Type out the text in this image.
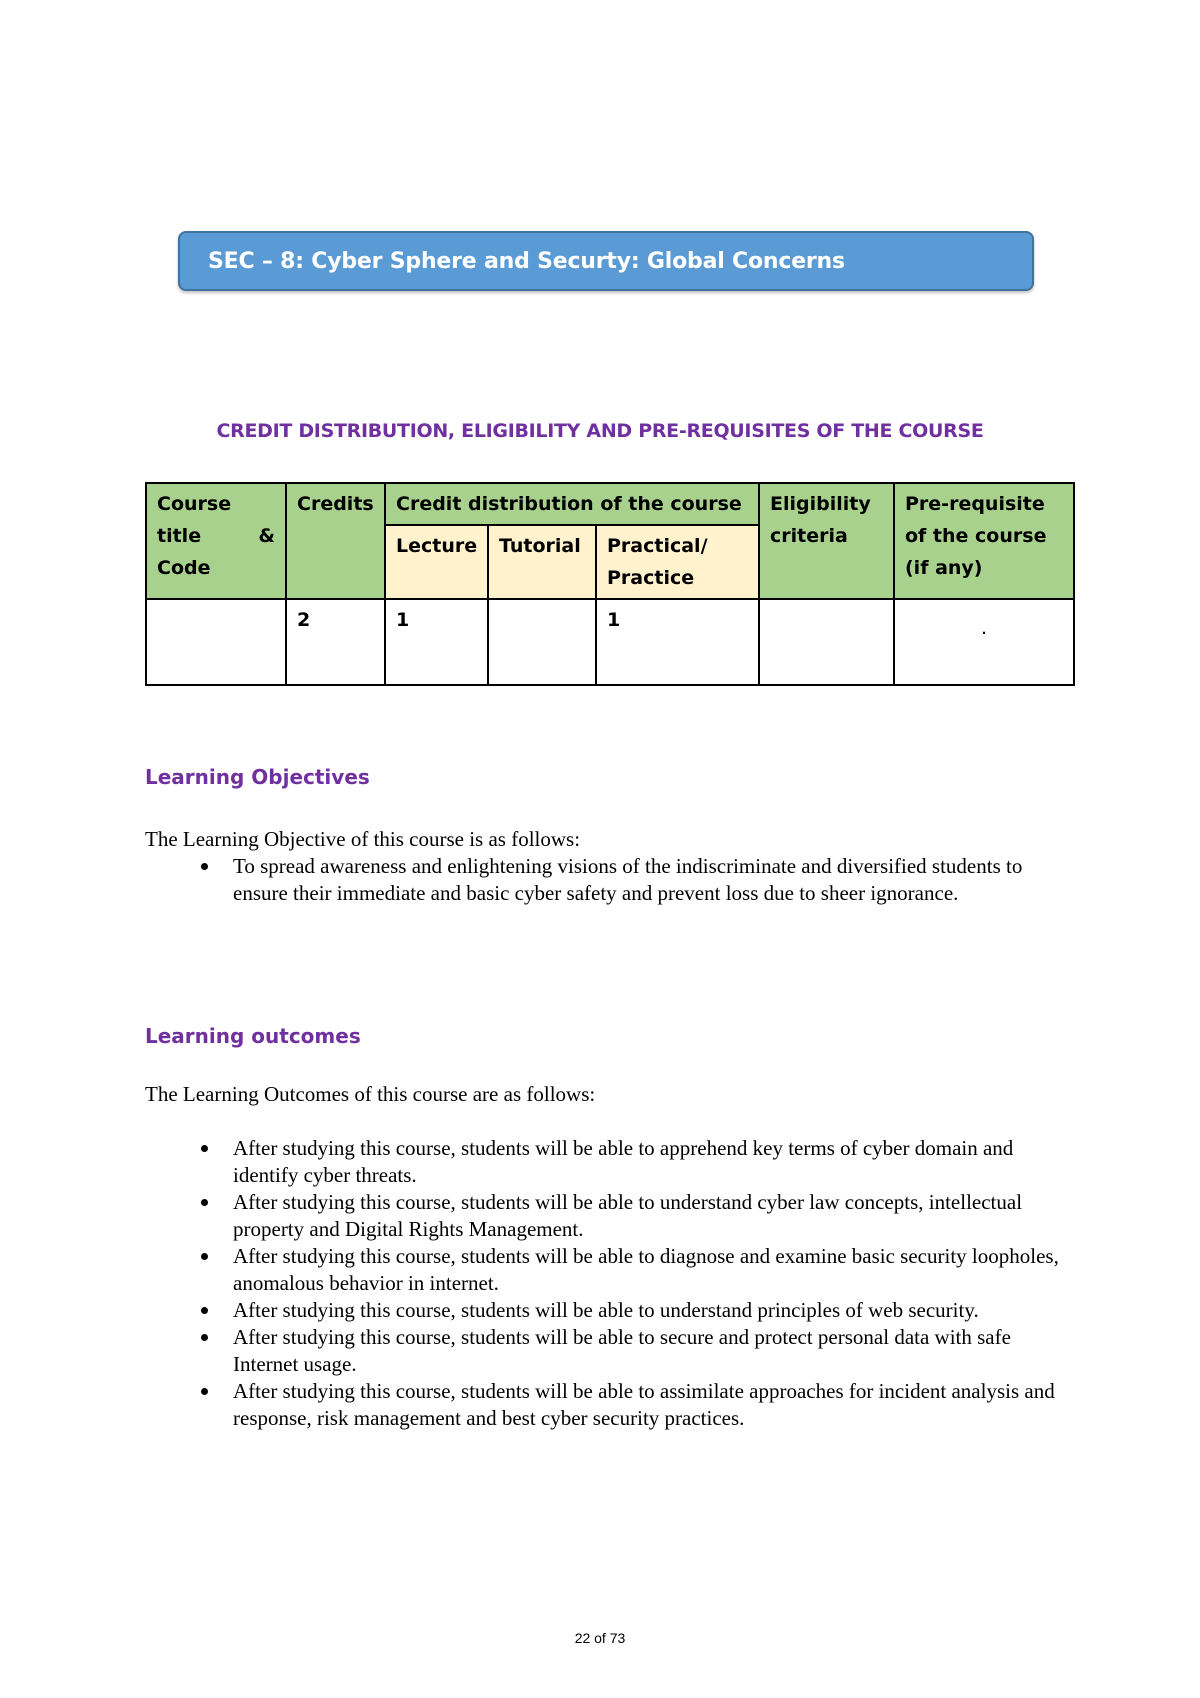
SEC – 8: Cyber Sphere and Securty: Global Concerns
CREDIT DISTRIBUTION, ELIGIBILITY AND PRE-REQUISITES OF THE COURSE
Course
title &
Code	Credits	Credit distribution of the course			Eligibility criteria	Pre-requisite of the course (if any)
		Lecture	Tutorial	Practical/ Practice		
	2	1		1		.
Learning Objectives
The Learning Objective of this course is as follows:
To spread awareness and enlightening visions of the indiscriminate and diversified students to ensure their immediate and basic cyber safety and prevent loss due to sheer ignorance.
Learning outcomes
The Learning Outcomes of this course are as follows:
After studying this course, students will be able to apprehend key terms of cyber domain and identify cyber threats.
After studying this course, students will be able to understand cyber law concepts, intellectual property and Digital Rights Management.
After studying this course, students will be able to diagnose and examine basic security loopholes, anomalous behavior in internet.
After studying this course, students will be able to understand principles of web security.
After studying this course, students will be able to secure and protect personal data with safe Internet usage.
After studying this course, students will be able to assimilate approaches for incident analysis and response, risk management and best cyber security practices.
22 of 73
